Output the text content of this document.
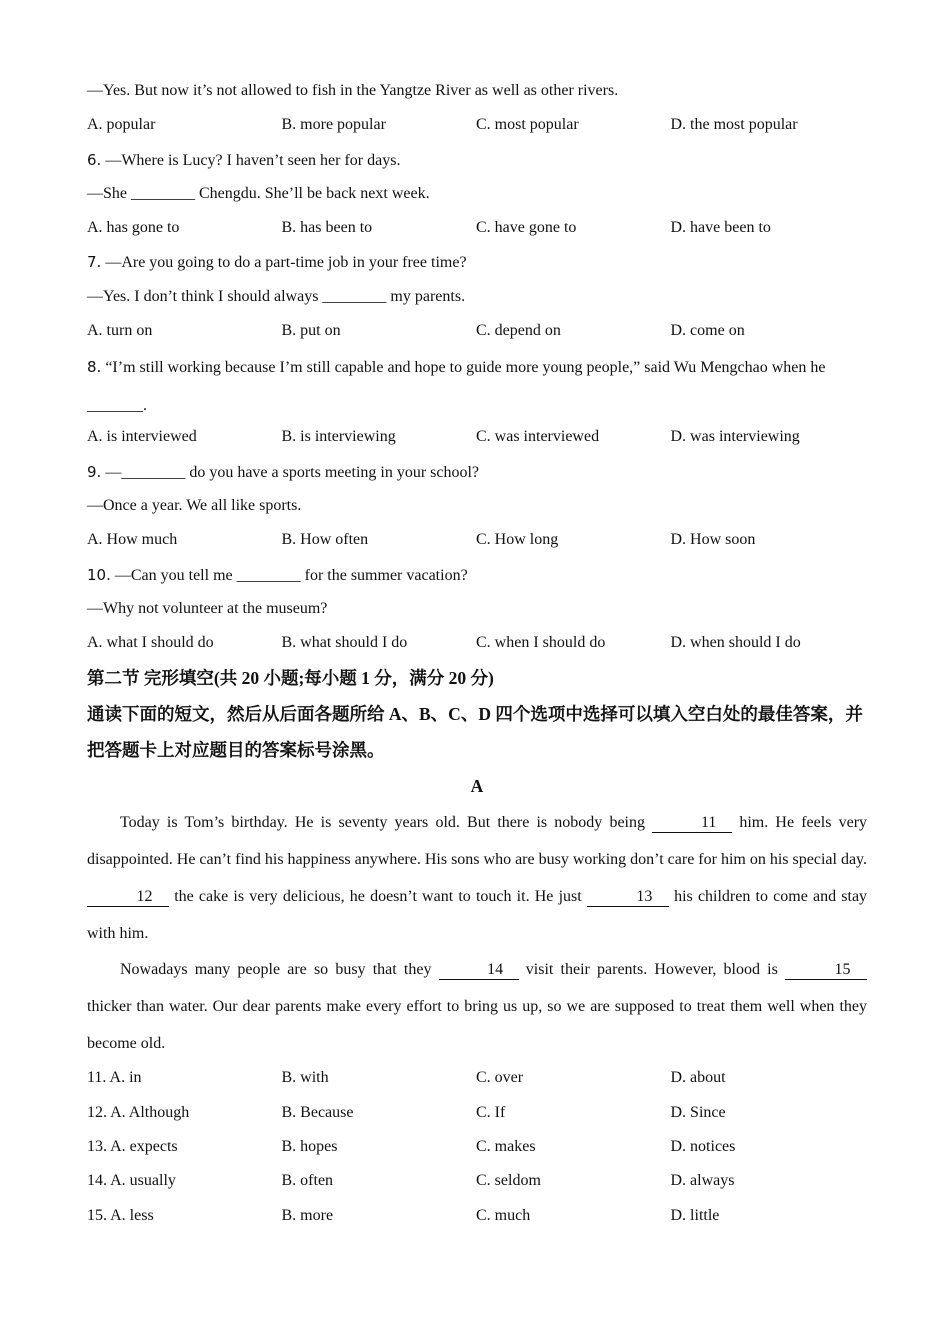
—Yes. But now it’s not allowed to fish in the Yangtze River as well as other rivers.
A. popular	B. more popular	C. most popular	D. the most popular
6. —Where is Lucy? I haven’t seen her for days.
—She ________ Chengdu. She’ll be back next week.
A. has gone to	B. has been to	C. have gone to	D. have been to
7. —Are you going to do a part-time job in your free time?
—Yes. I don’t think I should always ________ my parents.
A. turn on	B. put on	C. depend on	D. come on
8. “I’m still working because I’m still capable and hope to guide more young people,” said Wu Mengchao when he _______.
A. is interviewed	B. is interviewing	C. was interviewed	D. was interviewing
9. —________ do you have a sports meeting in your school?
—Once a year. We all like sports.
A. How much	B. How often	C. How long	D. How soon
10. —Can you tell me ________ for the summer vacation?
—Why not volunteer at the museum?
A. what I should do	B. what should I do	C. when I should do	D. when should I do
第二节 完形填空(共 20 小题;每小题 1 分，满分 20 分)
通读下面的短文，然后从后面各题所给 A、B、C、D 四个选项中选择可以填入空白处的最佳答案，并把答题卡上对应题目的答案标号涂黑。
A
Today is Tom’s birthday. He is seventy years old. But there is nobody being	11 him. He feels very disappointed. He can’t find his happiness anywhere. His sons who are busy working don’t care for him on his special day. 12 the cake is very delicious, he doesn’t want to touch it. He just	13 his children to come and stay with him.
Nowadays many people are so busy that they	14 visit their parents. However, blood is	15 thicker than water. Our dear parents make every effort to bring us up, so we are supposed to treat them well when they become old.
11. A. in	B. with	C. over	D. about
12. A. Although	B. Because	C. If	D. Since
13. A. expects	B. hopes	C. makes	D. notices
14. A. usually	B. often	C. seldom	D. always
15. A. less	B. more	C. much	D. little
